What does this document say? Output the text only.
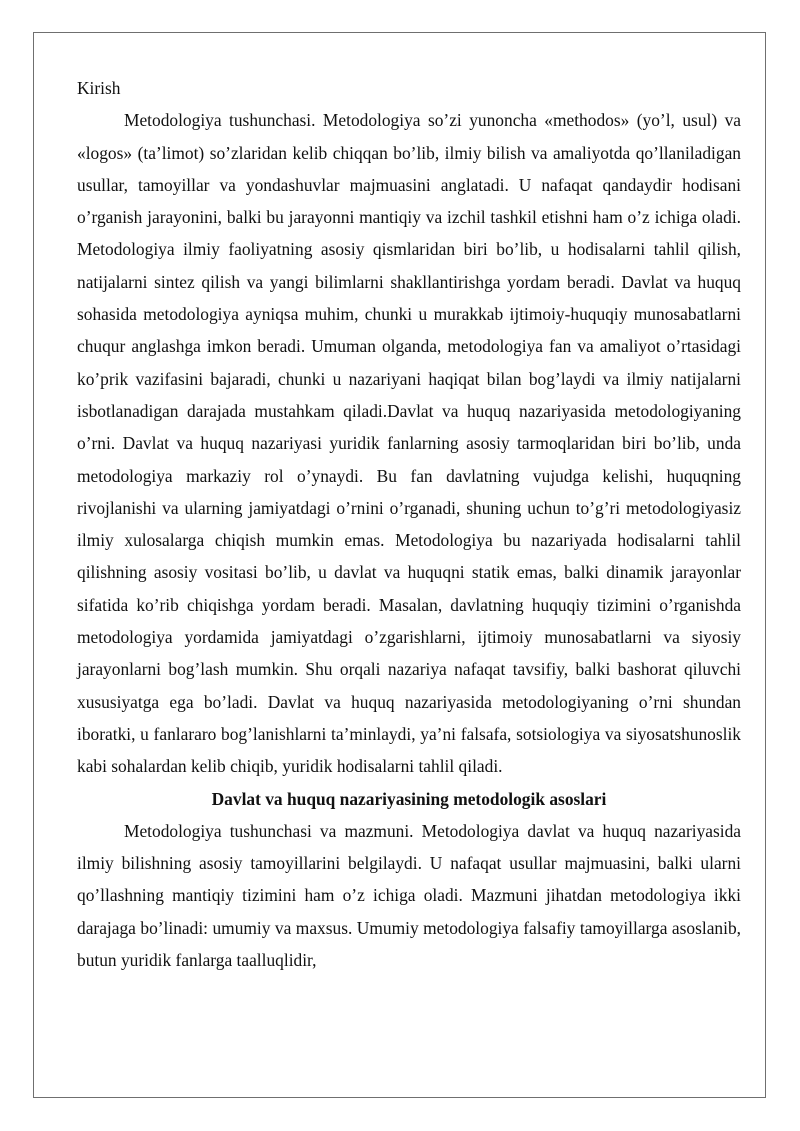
Kirish

Metodologiya tushunchasi. Metodologiya so’zi yunoncha «methodos» (yo’l, usul) va «logos» (ta’limot) so’zlaridan kelib chiqqan bo’lib, ilmiy bilish va amaliyotda qo’llaniladigan usullar, tamoyillar va yondashuvlar majmuasini anglatadi. U nafaqat qandaydir hodisani o’rganish jarayonini, balki bu jarayonni mantiqiy va izchil tashkil etishni ham o’z ichiga oladi. Metodologiya ilmiy faoliyatning asosiy qismlaridan biri bo’lib, u hodisalarni tahlil qilish, natijalarni sintez qilish va yangi bilimlarni shakllantirishga yordam beradi. Davlat va huquq sohasida metodologiya ayniqsa muhim, chunki u murakkab ijtimoiy-huquqiy munosabatlarni chuqur anglashga imkon beradi. Umuman olganda, metodologiya fan va amaliyot o’rtasidagi ko’prik vazifasini bajaradi, chunki u nazariyani haqiqat bilan bog’laydi va ilmiy natijalarni isbotlanadigan darajada mustahkam qiladi.Davlat va huquq nazariyasida metodologiyaning o’rni. Davlat va huquq nazariyasi yuridik fanlarning asosiy tarmoqlaridan biri bo’lib, unda metodologiya markaziy rol o’ynaydi. Bu fan davlatning vujudga kelishi, huquqning rivojlanishi va ularning jamiyatdagi o’rnini o’rganadi, shuning uchun to’g’ri metodologiyasiz ilmiy xulosalarga chiqish mumkin emas. Metodologiya bu nazariyada hodisalarni tahlil qilishning asosiy vositasi bo’lib, u davlat va huquqni statik emas, balki dinamik jarayonlar sifatida ko’rib chiqishga yordam beradi. Masalan, davlatning huquqiy tizimini o’rganishda metodologiya yordamida jamiyatdagi o’zgarishlarni, ijtimoiy munosabatlarni va siyosiy jarayonlarni bog’lash mumkin. Shu orqali nazariya nafaqat tavsifiy, balki bashorat qiluvchi xususiyatga ega bo’ladi. Davlat va huquq nazariyasida metodologiyaning o’rni shundan iboratki, u fanlararo bog’lanishlarni ta’minlaydi, ya’ni falsafa, sotsiologiya va siyosatshunoslik kabi sohalardan kelib chiqib, yuridik hodisalarni tahlil qiladi.

Davlat va huquq nazariyasining metodologik asoslari

Metodologiya tushunchasi va mazmuni. Metodologiya davlat va huquq nazariyasida ilmiy bilishning asosiy tamoyillarini belgilaydi. U nafaqat usullar majmuasini, balki ularni qo’llashning mantiqiy tizimini ham o’z ichiga oladi. Mazmuni jihatdan metodologiya ikki darajaga bo’linadi: umumiy va maxsus. Umumiy metodologiya falsafiy tamoyillarga asoslanib, butun yuridik fanlarga taalluqlidir,
